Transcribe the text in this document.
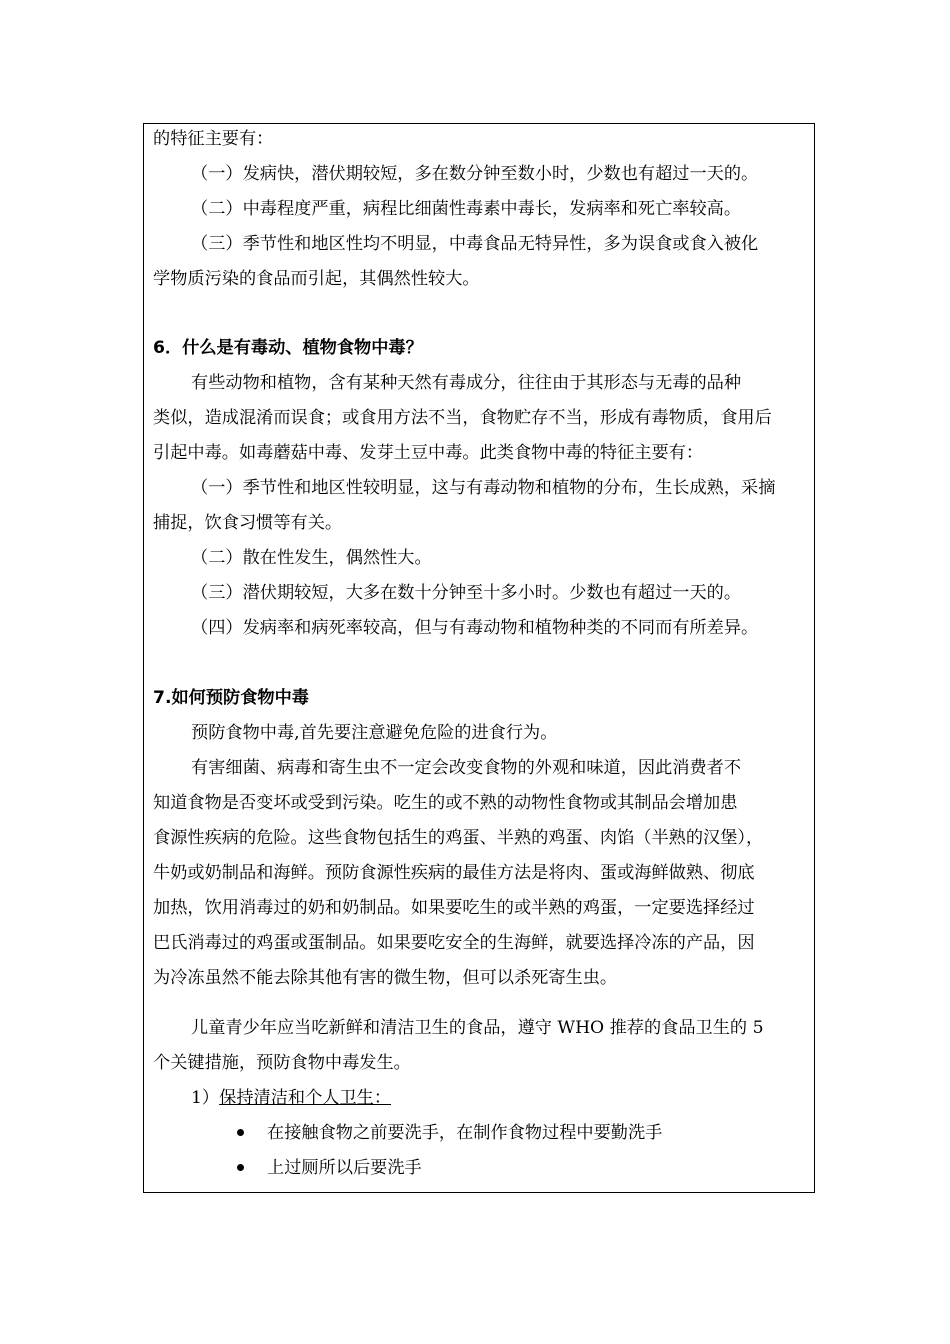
的特征主要有：
（一）发病快，潜伏期较短，多在数分钟至数小时，少数也有超过一天的。
（二）中毒程度严重，病程比细菌性毒素中毒长，发病率和死亡率较高。
（三）季节性和地区性均不明显，中毒食品无特异性，多为误食或食入被化
学物质污染的食品而引起，其偶然性较大。
6．什么是有毒动、植物食物中毒？
有些动物和植物，含有某种天然有毒成分，往往由于其形态与无毒的品种
类似，造成混淆而误食；或食用方法不当，食物贮存不当，形成有毒物质，食用后
引起中毒。如毒蘑菇中毒、发芽土豆中毒。此类食物中毒的特征主要有：
（一）季节性和地区性较明显，这与有毒动物和植物的分布，生长成熟，采摘
捕捉，饮食习惯等有关。
（二）散在性发生，偶然性大。
（三）潜伏期较短，大多在数十分钟至十多小时。少数也有超过一天的。
（四）发病率和病死率较高，但与有毒动物和植物种类的不同而有所差异。
7.如何预防食物中毒
预防食物中毒,首先要注意避免危险的进食行为。
有害细菌、病毒和寄生虫不一定会改变食物的外观和味道，因此消费者不
知道食物是否变坏或受到污染。吃生的或不熟的动物性食物或其制品会增加患
食源性疾病的危险。这些食物包括生的鸡蛋、半熟的鸡蛋、肉馅（半熟的汉堡），
牛奶或奶制品和海鲜。预防食源性疾病的最佳方法是将肉、蛋或海鲜做熟、彻底
加热，饮用消毒过的奶和奶制品。如果要吃生的或半熟的鸡蛋，一定要选择经过
巴氏消毒过的鸡蛋或蛋制品。如果要吃安全的生海鲜，就要选择冷冻的产品，因
为冷冻虽然不能去除其他有害的微生物，但可以杀死寄生虫。
儿童青少年应当吃新鲜和清洁卫生的食品，遵守 WHO 推荐的食品卫生的 5
个关键措施，预防食物中毒发生。
1）保持清洁和个人卫生：
在接触食物之前要洗手，在制作食物过程中要勤洗手
上过厕所以后要洗手
